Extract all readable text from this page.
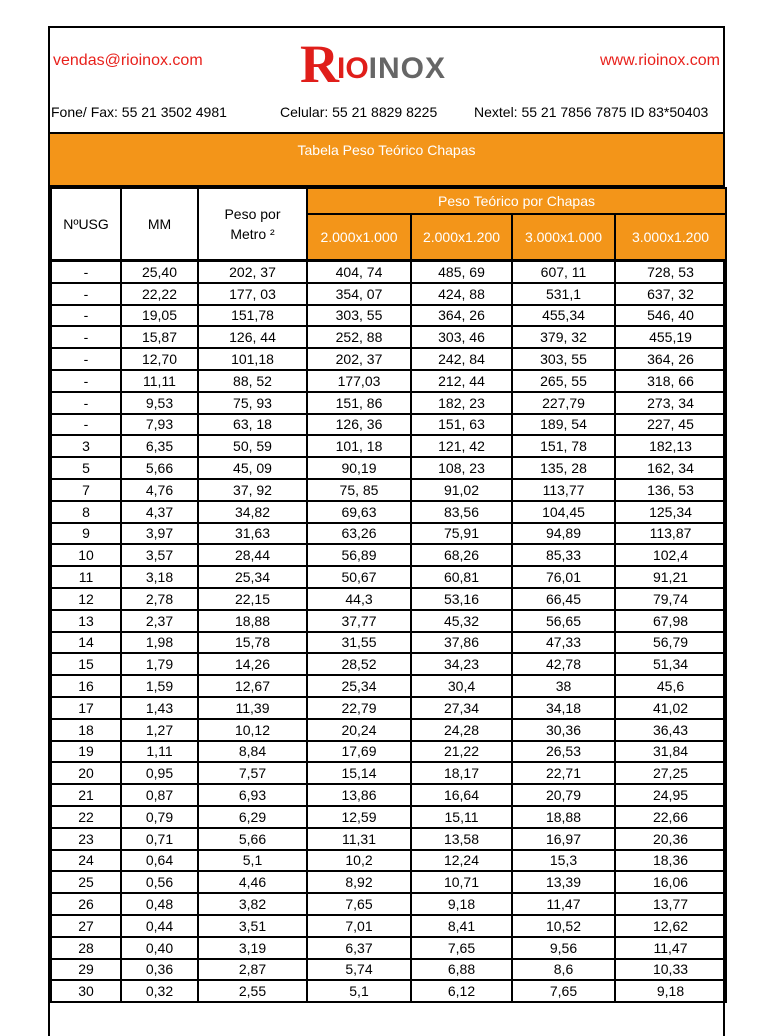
vendas@rioinox.com R IO INOX	www.rioinox.com
Fone/ Fax: 55 21 3502 4981	Celular: 55 21 8829 8225	Nextel: 55 21 7856 7875 ID 83*50403
Tabela Peso Teórico Chapas
NºUSG	MM	Peso por Metro ²	Peso Teórico por Chapas			
			2.000x1.000	2.000x1.200	3.000x1.000	3.000x1.200
-	25,40	202, 37	404, 74	485, 69	607, 11	728, 53
-	22,22	177, 03	354, 07	424, 88	531,1	637, 32
-	19,05	151,78	303, 55	364, 26	455,34	546, 40
-	15,87	126, 44	252, 88	303, 46	379, 32	455,19
-	12,70	101,18	202, 37	242, 84	303, 55	364, 26
-	11,11	88, 52	177,03	212, 44	265, 55	318, 66
-	9,53	75, 93	151, 86	182, 23	227,79	273, 34
-	7,93	63, 18	126, 36	151, 63	189, 54	227, 45
3	6,35	50, 59	101, 18	121, 42	151, 78	182,13
5	5,66	45, 09	90,19	108, 23	135, 28	162, 34
7	4,76	37, 92	75, 85	91,02	113,77	136, 53
8	4,37	34,82	69,63	83,56	104,45	125,34
9	3,97	31,63	63,26	75,91	94,89	113,87
10	3,57	28,44	56,89	68,26	85,33	102,4
11	3,18	25,34	50,67	60,81	76,01	91,21
12	2,78	22,15	44,3	53,16	66,45	79,74
13	2,37	18,88	37,77	45,32	56,65	67,98
14	1,98	15,78	31,55	37,86	47,33	56,79
15	1,79	14,26	28,52	34,23	42,78	51,34
16	1,59	12,67	25,34	30,4	38	45,6
17	1,43	11,39	22,79	27,34	34,18	41,02
18	1,27	10,12	20,24	24,28	30,36	36,43
19	1,11	8,84	17,69	21,22	26,53	31,84
20	0,95	7,57	15,14	18,17	22,71	27,25
21	0,87	6,93	13,86	16,64	20,79	24,95
22	0,79	6,29	12,59	15,11	18,88	22,66
23	0,71	5,66	11,31	13,58	16,97	20,36
24	0,64	5,1	10,2	12,24	15,3	18,36
25	0,56	4,46	8,92	10,71	13,39	16,06
26	0,48	3,82	7,65	9,18	11,47	13,77
27	0,44	3,51	7,01	8,41	10,52	12,62
28	0,40	3,19	6,37	7,65	9,56	11,47
29	0,36	2,87	5,74	6,88	8,6	10,33
30	0,32	2,55	5,1	6,12	7,65	9,18
